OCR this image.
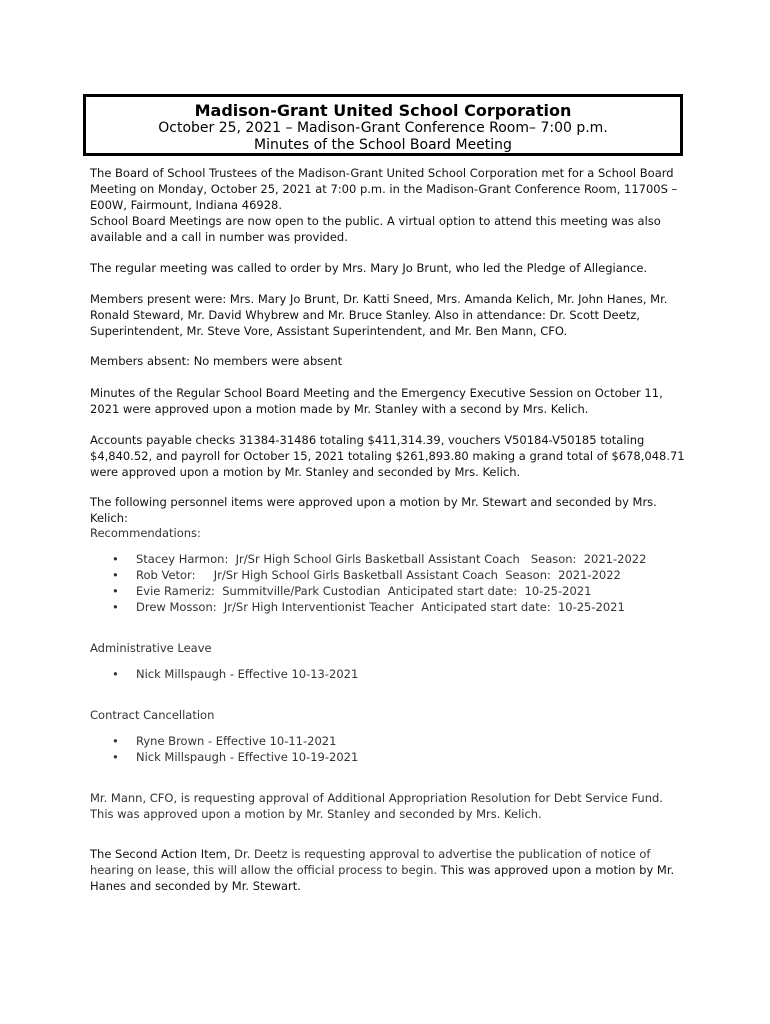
Madison-Grant United School Corporation
October 25, 2021 – Madison-Grant Conference Room– 7:00 p.m.
Minutes of the School Board Meeting

The Board of School Trustees of the Madison-Grant United School Corporation met for a School Board Meeting on Monday, October 25, 2021 at 7:00 p.m. in the Madison-Grant Conference Room, 11700S – E00W, Fairmount, Indiana 46928.

School Board Meetings are now open to the public. A virtual option to attend this meeting was also available and a call in number was provided.

The regular meeting was called to order by Mrs. Mary Jo Brunt, who led the Pledge of Allegiance.
Members present were: Mrs. Mary Jo Brunt, Dr. Katti Sneed, Mrs. Amanda Kelich, Mr. John Hanes, Mr. Ronald Steward, Mr. David Whybrew and Mr. Bruce Stanley. Also in attendance: Dr. Scott Deetz, Superintendent, Mr. Steve Vore, Assistant Superintendent, and Mr. Ben Mann, CFO.
Members absent: No members were absent
Minutes of the Regular School Board Meeting and the Emergency Executive Session on October 11, 2021 were approved upon a motion made by Mr. Stanley with a second by Mrs. Kelich.
Accounts payable checks 31384-31486 totaling $411,314.39, vouchers V50184-V50185 totaling $4,840.52, and payroll for October 15, 2021 totaling $261,893.80 making a grand total of $678,048.71 were approved upon a motion by Mr. Stanley and seconded by Mrs. Kelich.
The following personnel items were approved upon a motion by Mr. Stewart and seconded by Mrs. Kelich:
Recommendations:
• Stacey Harmon:  Jr/Sr High School Girls Basketball Assistant Coach   Season:  2021-2022
• Rob Vetor:     Jr/Sr High School Girls Basketball Assistant Coach  Season:  2021-2022
• Evie Rameriz:  Summitville/Park Custodian  Anticipated start date:  10-25-2021
• Drew Mosson:  Jr/Sr High Interventionist Teacher  Anticipated start date:  10-25-2021
Administrative Leave
• Nick Millspaugh - Effective 10-13-2021
Contract Cancellation
• Ryne Brown - Effective 10-11-2021
• Nick Millspaugh - Effective 10-19-2021
Mr. Mann, CFO, is requesting approval of Additional Appropriation Resolution for Debt Service Fund. This was approved upon a motion by Mr. Stanley and seconded by Mrs. Kelich.
The Second Action Item, Dr. Deetz is requesting approval to advertise the publication of notice of hearing on lease, this will allow the official process to begin. This was approved upon a motion by Mr. Hanes and seconded by Mr. Stewart.
